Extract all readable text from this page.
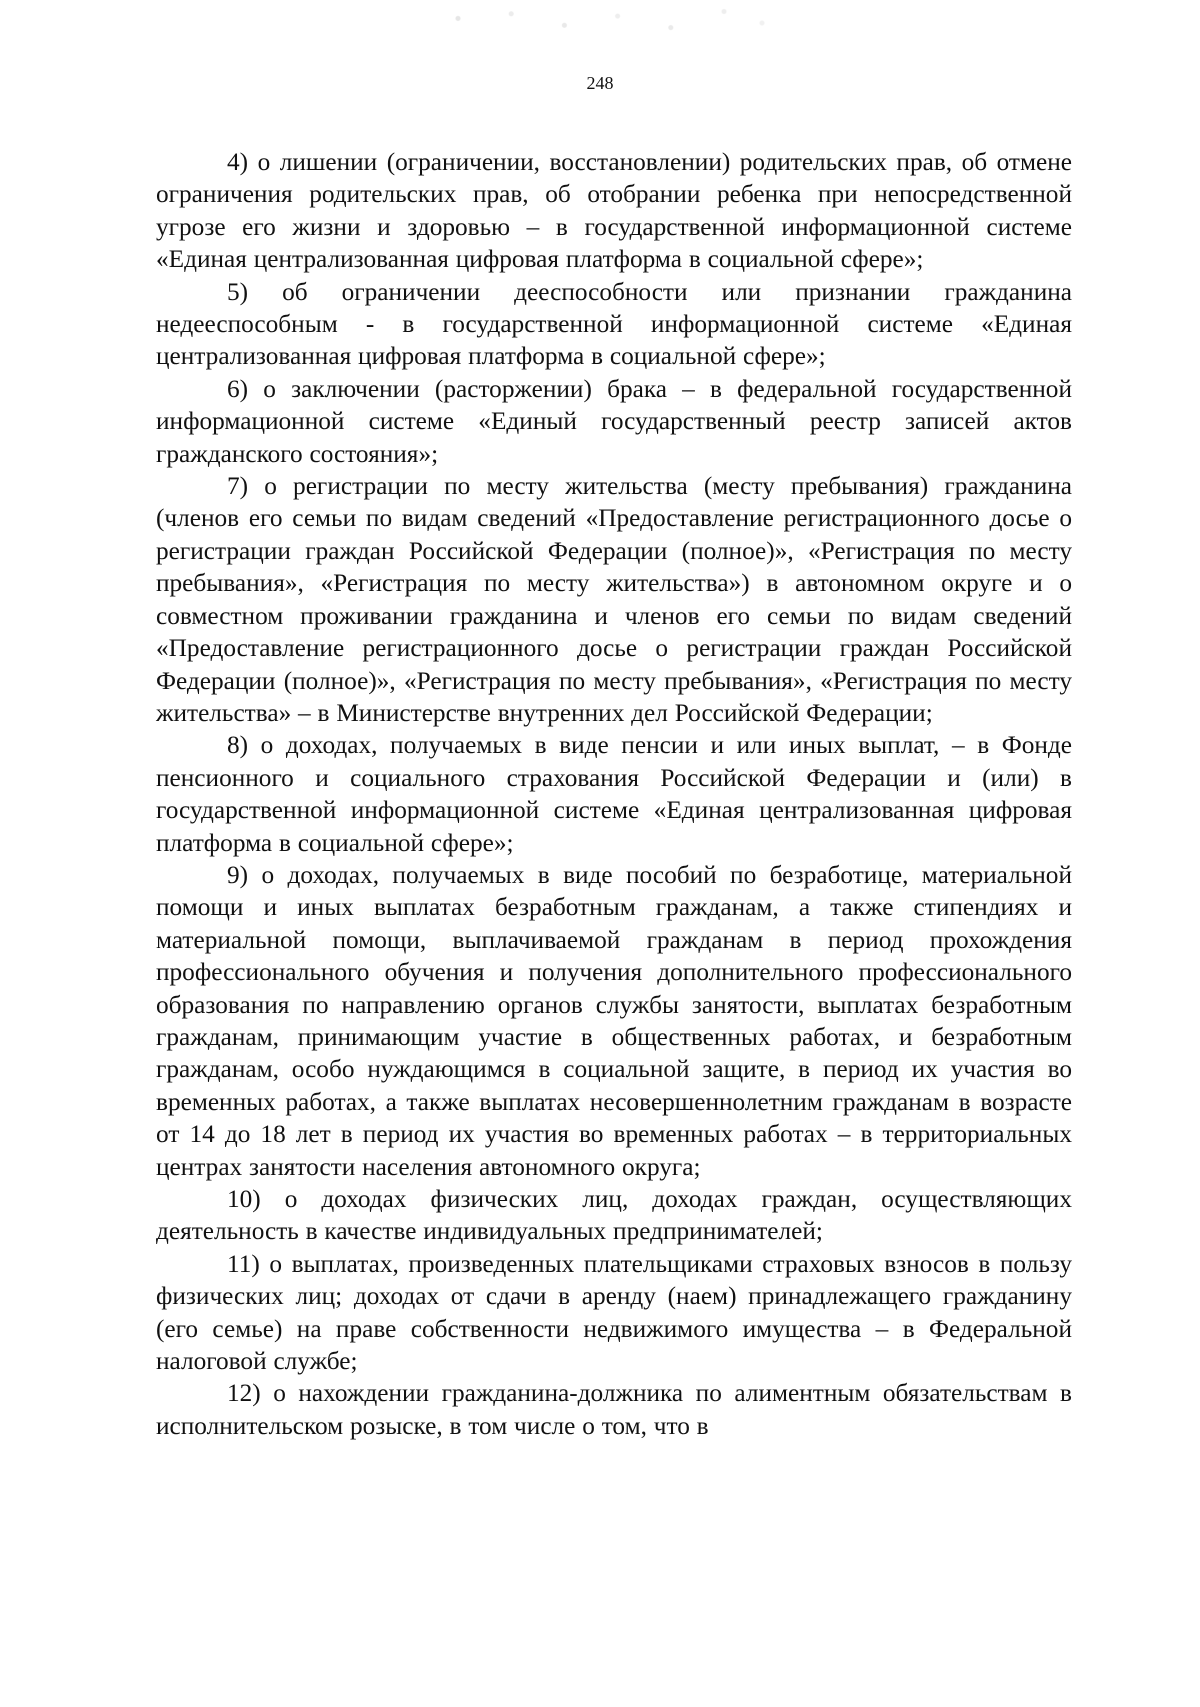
248

4) о лишении (ограничении, восстановлении) родительских прав, об отмене ограничения родительских прав, об отобрании ребенка при непосредственной угрозе его жизни и здоровью – в государственной информационной системе «Единая централизованная цифровая платформа в социальной сфере»;

5) об ограничении дееспособности или признании гражданина недееспособным - в государственной информационной системе «Единая централизованная цифровая платформа в социальной сфере»;

6) о заключении (расторжении) брака – в федеральной государственной информационной системе «Единый государственный реестр записей актов гражданского состояния»;

7) о регистрации по месту жительства (месту пребывания) гражданина (членов его семьи по видам сведений «Предоставление регистрационного досье о регистрации граждан Российской Федерации (полное)», «Регистрация по месту пребывания», «Регистрация по месту жительства») в автономном округе и о совместном проживании гражданина и членов его семьи по видам сведений «Предоставление регистрационного досье о регистрации граждан Российской Федерации (полное)», «Регистрация по месту пребывания», «Регистрация по месту жительства» – в Министерстве внутренних дел Российской Федерации;

8) о доходах, получаемых в виде пенсии и или иных выплат, – в Фонде пенсионного и социального страхования Российской Федерации и (или) в государственной информационной системе «Единая централизованная цифровая платформа в социальной сфере»;

9) о доходах, получаемых в виде пособий по безработице, материальной помощи и иных выплатах безработным гражданам, а также стипендиях и материальной помощи, выплачиваемой гражданам в период прохождения профессионального обучения и получения дополнительного профессионального образования по направлению органов службы занятости, выплатах безработным гражданам, принимающим участие в общественных работах, и безработным гражданам, особо нуждающимся в социальной защите, в период их участия во временных работах, а также выплатах несовершеннолетним гражданам в возрасте от 14 до 18 лет в период их участия во временных работах – в территориальных центрах занятости населения автономного округа;

10) о доходах физических лиц, доходах граждан, осуществляющих деятельность в качестве индивидуальных предпринимателей;

11) о выплатах, произведенных плательщиками страховых взносов в пользу физических лиц; доходах от сдачи в аренду (наем) принадлежащего гражданину (его семье) на праве собственности недвижимого имущества – в Федеральной налоговой службе;

12) о нахождении гражданина-должника по алиментным обязательствам в исполнительском розыске, в том числе о том, что в
